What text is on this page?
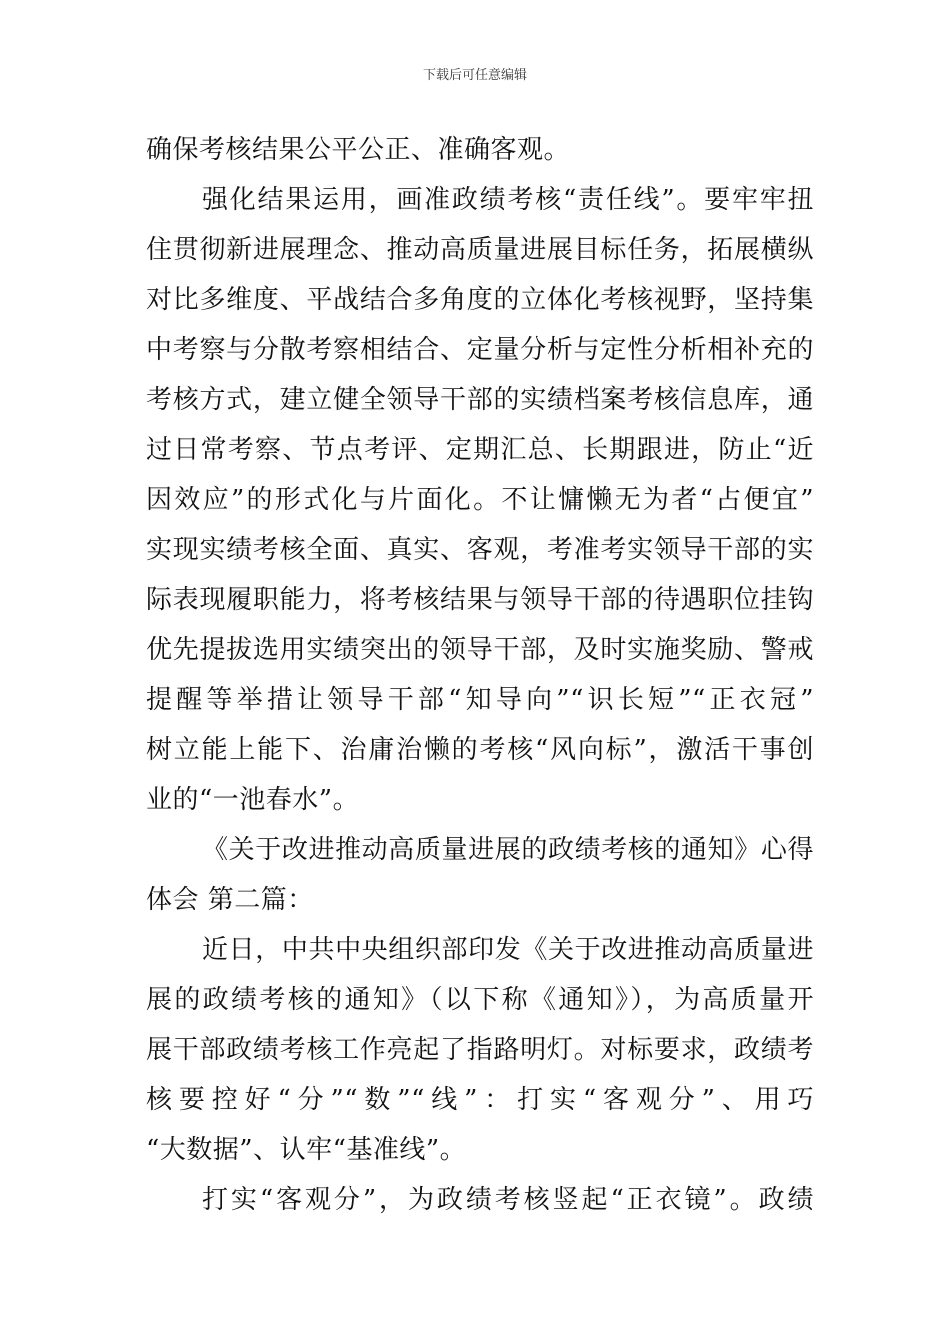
下载后可任意编辑
确保考核结果公平公正、准确客观。
强化结果运用，画准政绩考核“责任线”。要牢牢扭
住贯彻新进展理念、推动高质量进展目标任务，拓展横纵
对比多维度、平战结合多角度的立体化考核视野，坚持集
中考察与分散考察相结合、定量分析与定性分析相补充的
考核方式，建立健全领导干部的实绩档案考核信息库，通
过日常考察、节点考评、定期汇总、长期跟进，防止“近
因效应”的形式化与片面化。不让慵懒无为者“占便宜”
实现实绩考核全面、真实、客观，考准考实领导干部的实
际表现履职能力，将考核结果与领导干部的待遇职位挂钩
优先提拔选用实绩突出的领导干部，及时实施奖励、警戒
提醒等举措让领导干部“知导向”“识长短”“正衣冠”
树立能上能下、治庸治懒的考核“风向标”，激活干事创
业的“一池春水”。
《关于改进推动高质量进展的政绩考核的通知》心得
体会 第二篇：
近日，中共中央组织部印发《关于改进推动高质量进
展的政绩考核的通知》（以下称《通知》），为高质量开
展干部政绩考核工作亮起了指路明灯。对标要求，政绩考
核要控好“分”“数”“线”：打实“客观分”、用巧
“大数据”、认牢“基准线”。
打实“客观分”，为政绩考核竖起“正衣镜”。政绩
